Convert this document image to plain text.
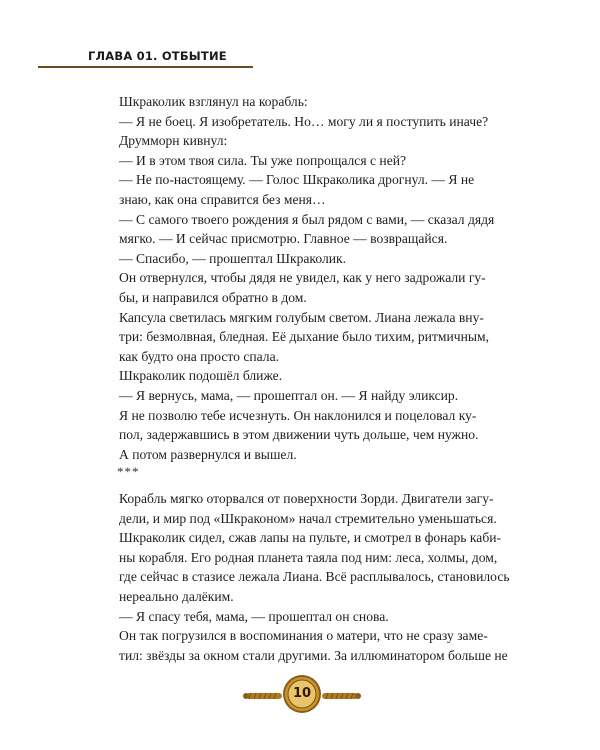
ГЛАВА 01. ОТБЫТИЕ
Шкраколик взглянул на корабль:
— Я не боец. Я изобретатель. Но… могу ли я поступить иначе?
Друмморн кивнул:
— И в этом твоя сила. Ты уже попрощался с ней?
— Не по-настоящему. — Голос Шкраколика дрогнул. — Я не
знаю, как она справится без меня…
— С самого твоего рождения я был рядом с вами, — сказал дядя
мягко. — И сейчас присмотрю. Главное — возвращайся.
— Спасибо, — прошептал Шкраколик.
Он отвернулся, чтобы дядя не увидел, как у него задрожали гу-
бы, и направился обратно в дом.
Капсула светилась мягким голубым светом. Лиана лежала вну-
три: безмолвная, бледная. Её дыхание было тихим, ритмичным,
как будто она просто спала.
Шкраколик подошёл ближе.
— Я вернусь, мама, — прошептал он. — Я найду эликсир.
Я не позволю тебе исчезнуть. Он наклонился и поцеловал ку-
пол, задержавшись в этом движении чуть дольше, чем нужно.
А потом развернулся и вышел.
***
Корабль мягко оторвался от поверхности Зорди. Двигатели загу-
дели, и мир под «Шкраконом» начал стремительно уменьшаться.
Шкраколик сидел, сжав лапы на пульте, и смотрел в фонарь каби-
ны корабля. Его родная планета таяла под ним: леса, холмы, дом,
где сейчас в стазисе лежала Лиана. Всё расплывалось, становилось
нереально далёким.
— Я спасу тебя, мама, — прошептал он снова.
Он так погрузился в воспоминания о матери, что не сразу заме-
тил: звёзды за окном стали другими. За иллюминатором больше не
10
